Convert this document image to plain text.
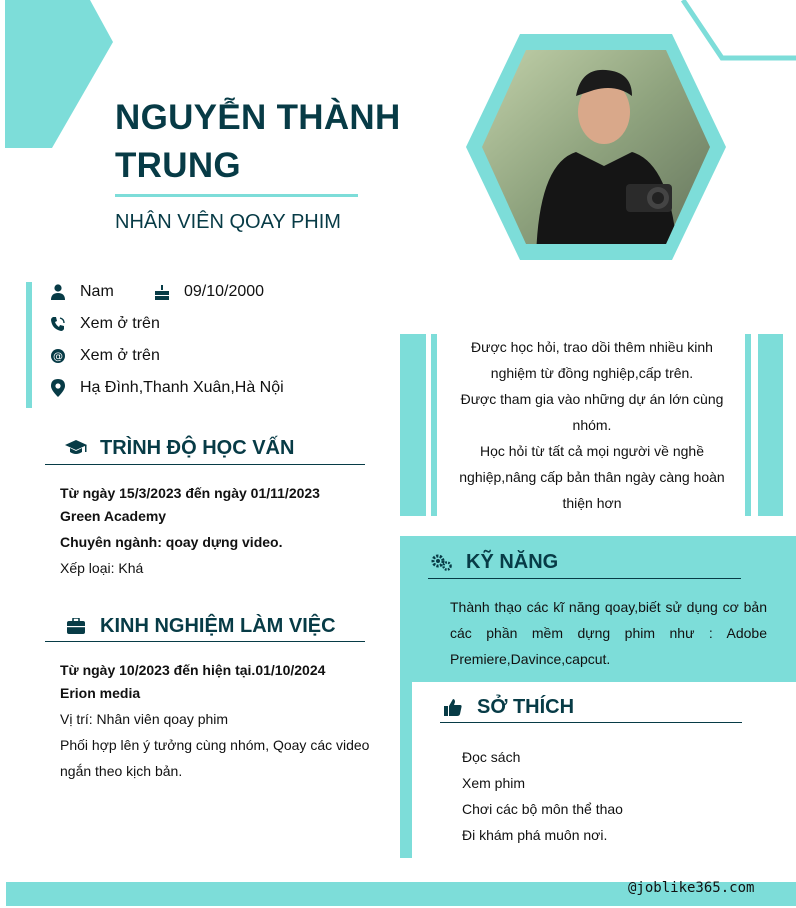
NGUYỄN THÀNH
TRUNG
NHÂN VIÊN QOAY PHIM
Nam	09/10/2000
Xem ở trên
@ Xem ở trên
Hạ Đình,Thanh Xuân,Hà Nội
TRÌNH ĐỘ HỌC VẤN
Từ ngày 15/3/2023 đến ngày 01/11/2023
Green Academy
Chuyên ngành: qoay dựng video.
Xếp loại: Khá
KINH NGHIỆM LÀM VIỆC
Từ ngày 10/2023 đến hiện tại.01/10/2024
Erion media
Vị trí: Nhân viên qoay phim
Phối hợp lên ý tưởng cùng nhóm, Qoay các video ngắn theo kịch bản.
Được học hỏi, trao dồi thêm nhiều kinh
nghiệm từ đồng nghiệp,cấp trên.
Được tham gia vào những dự án lớn cùng
nhóm.
Học hỏi từ tất cả mọi người về nghề
nghiệp,nâng cấp bản thân ngày càng hoàn
thiện hơn
KỸ NĂNG
Thành thạo các kĩ năng qoay,biết sử dụng cơ bản các phần mềm dựng phim như : Adobe Premiere,Davince,capcut.
SỞ THÍCH
Đọc sách
Xem phim
Chơi các bộ môn thể thao
Đi khám phá muôn nơi.
@joblike365.com
